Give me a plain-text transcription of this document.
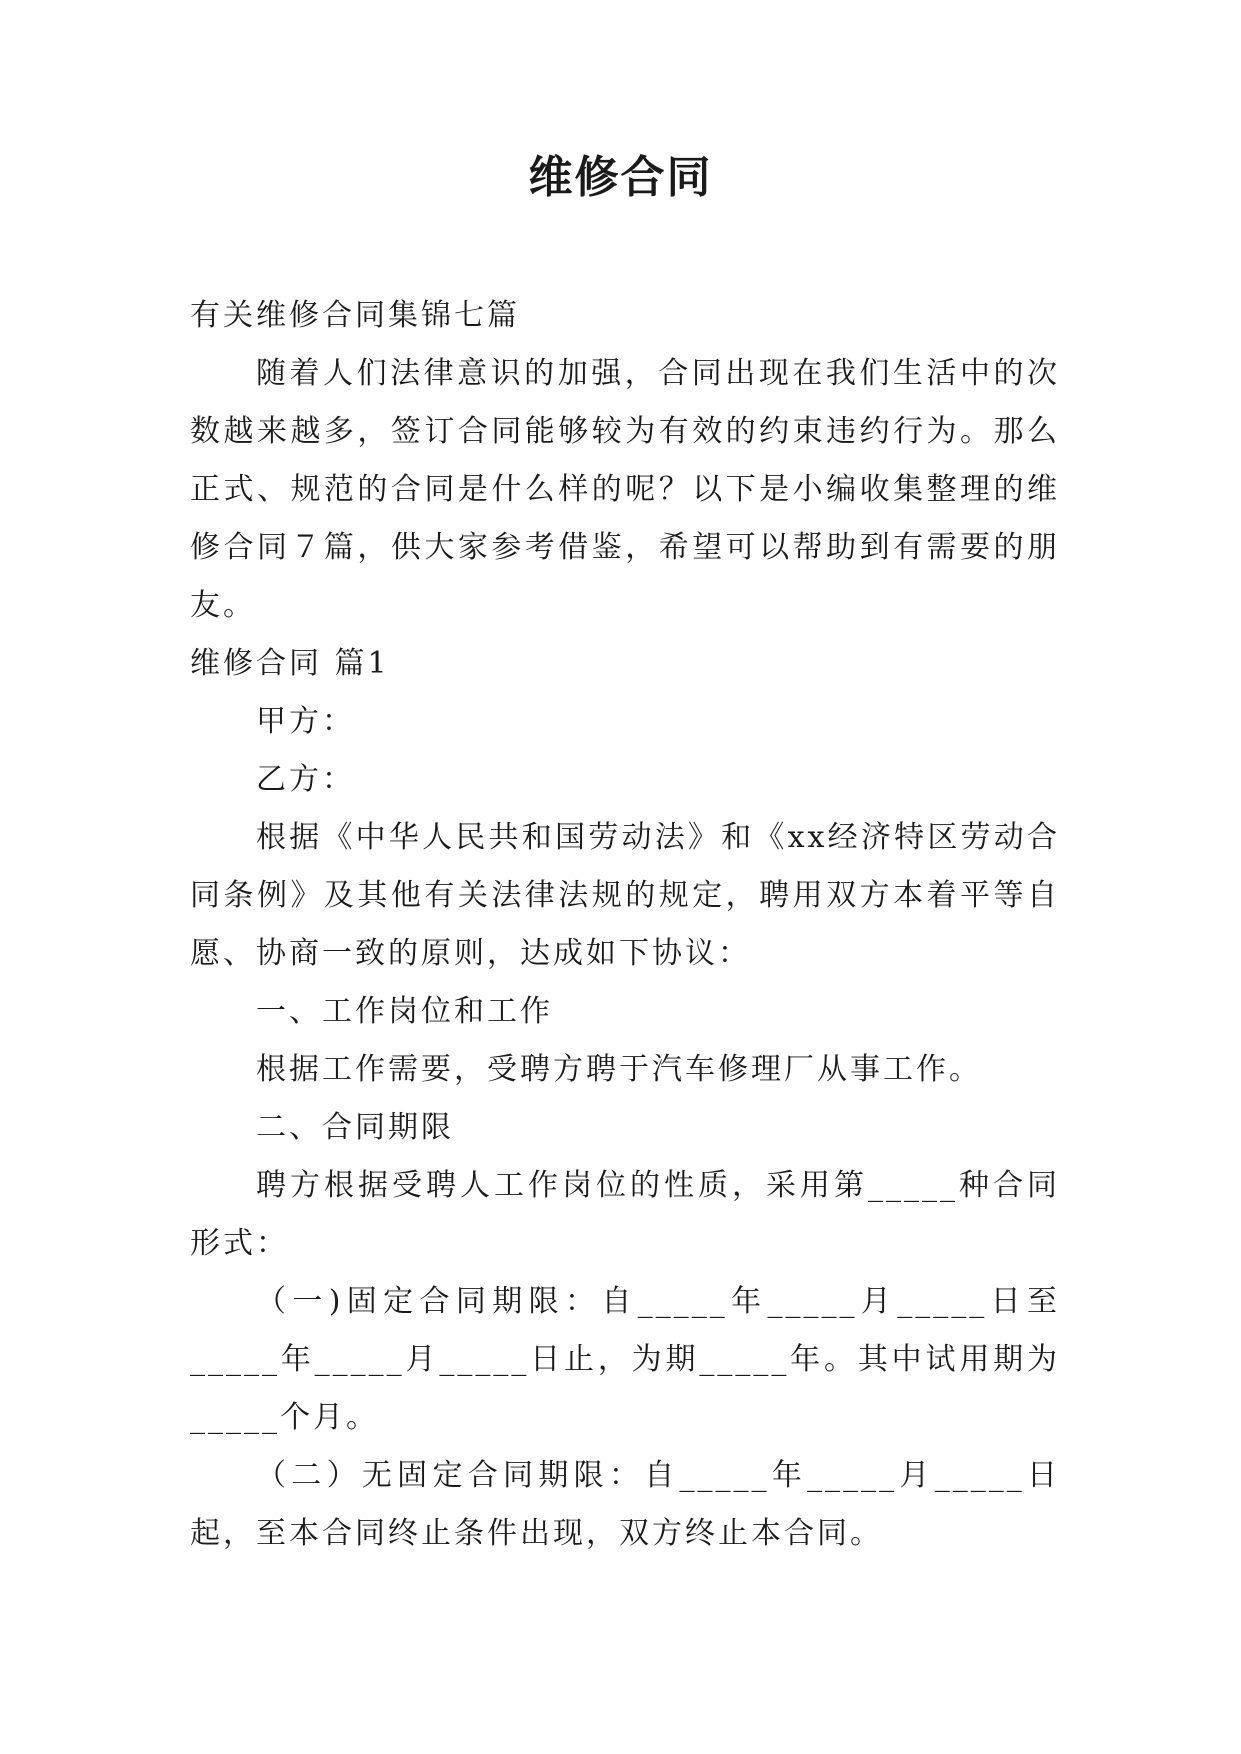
维修合同

有关维修合同集锦七篇

随着人们法律意识的加强，合同出现在我们生活中的次数越来越多，签订合同能够较为有效的约束违约行为。那么正式、规范的合同是什么样的呢？以下是小编收集整理的维修合同７篇，供大家参考借鉴，希望可以帮助到有需要的朋友。

维修合同 篇1

甲方：

乙方：

根据《中华人民共和国劳动法》和《xx经济特区劳动合同条例》及其他有关法律法规的规定，聘用双方本着平等自愿、协商一致的原则，达成如下协议：

一、工作岗位和工作

根据工作需要，受聘方聘于汽车修理厂从事工作。

二、合同期限

聘方根据受聘人工作岗位的性质，采用第_____种合同形式：

（一)固定合同期限：自_____年_____月_____日至_____年_____月_____日止，为期_____年。其中试用期为_____个月。

（二）无固定合同期限：自_____年_____月_____日起，至本合同终止条件出现，双方终止本合同。
